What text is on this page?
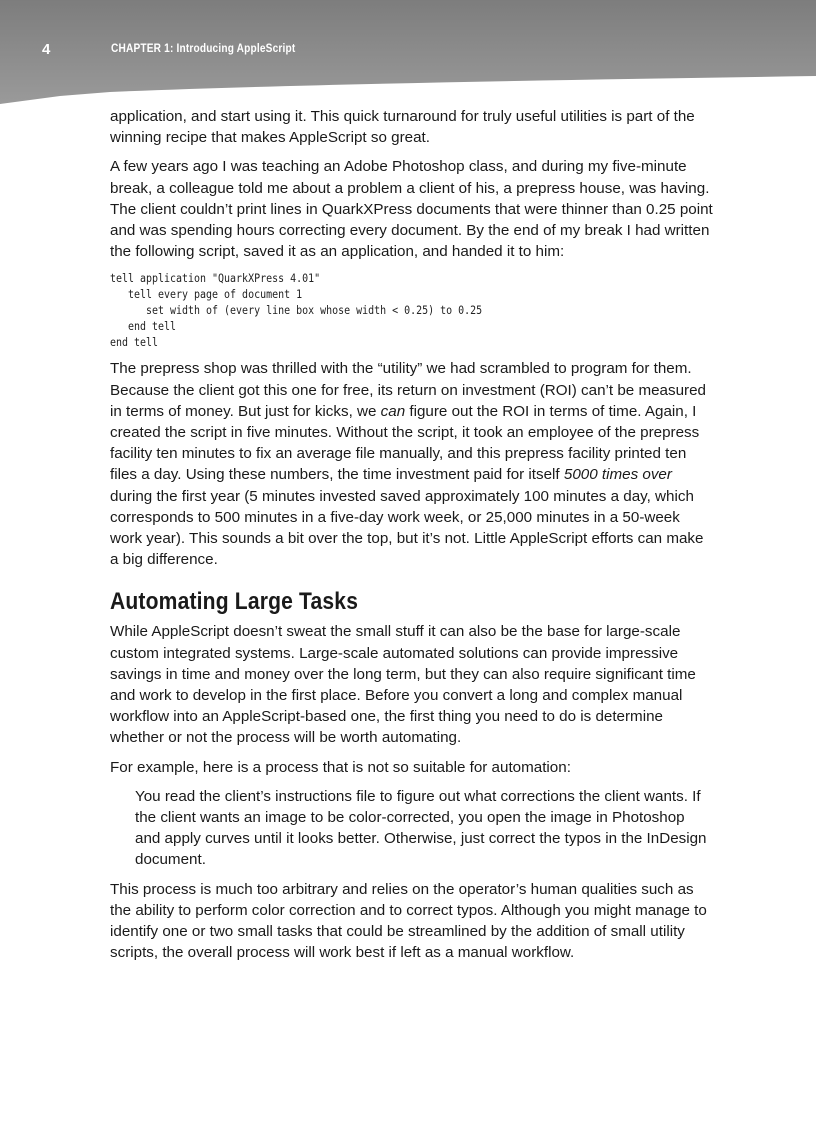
4	CHAPTER 1: Introducing AppleScript

application, and start using it. This quick turnaround for truly useful utilities is part of the winning recipe that makes AppleScript so great.

A few years ago I was teaching an Adobe Photoshop class, and during my five-minute break, a colleague told me about a problem a client of his, a prepress house, was having. The client couldn’t print lines in QuarkXPress documents that were thinner than 0.25 point and was spending hours correcting every document. By the end of my break I had written the following script, saved it as an application, and handed it to him:

tell application "QuarkXPress 4.01"
tell every page of document 1
set width of (every line box whose width < 0.25) to 0.25
end tell
end tell

The prepress shop was thrilled with the “utility” we had scrambled to program for them. Because the client got this one for free, its return on investment (ROI) can’t be measured in terms of money. But just for kicks, we can figure out the ROI in terms of time. Again, I created the script in five minutes. Without the script, it took an employee of the prepress facility ten minutes to fix an average file manually, and this prepress facility printed ten files a day. Using these numbers, the time investment paid for itself 5000 times over during the first year (5 minutes invested saved approximately 100 minutes a day, which corresponds to 500 minutes in a five-day work week, or 25,000 minutes in a 50-week work year). This sounds a bit over the top, but it’s not. Little AppleScript efforts can make a big difference.

Automating Large Tasks

While AppleScript doesn’t sweat the small stuff it can also be the base for large-scale custom integrated systems. Large-scale automated solutions can provide impressive savings in time and money over the long term, but they can also require significant time and work to develop in the first place. Before you convert a long and complex manual workflow into an AppleScript-based one, the first thing you need to do is determine whether or not the process will be worth automating.

For example, here is a process that is not so suitable for automation:

You read the client’s instructions file to figure out what corrections the client wants. If the client wants an image to be color-corrected, you open the image in Photoshop and apply curves until it looks better. Otherwise, just correct the typos in the InDesign document.

This process is much too arbitrary and relies on the operator’s human qualities such as the ability to perform color correction and to correct typos. Although you might manage to identify one or two small tasks that could be streamlined by the addition of small utility scripts, the overall process will work best if left as a manual workflow.
